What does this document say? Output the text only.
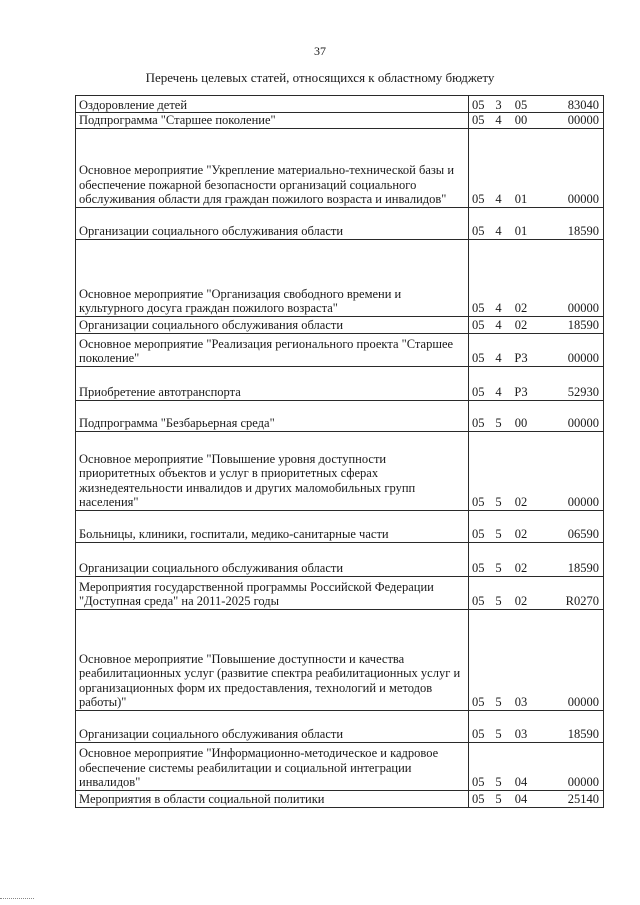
37
Перечень целевых статей, относящихся к областному бюджету
Оздоровление детей	05 3 05 83040
Подпрограмма "Старшее поколение"	05 4 00 00000
Основное мероприятие "Укрепление материально-технической базы и обеспечение пожарной безопасности организаций социального обслуживания области для граждан пожилого возраста и инвалидов"	05 4 01 00000
Организации социального обслуживания области	05 4 01 18590
Основное мероприятие "Организация свободного времени и культурного досуга граждан пожилого возраста"	05 4 02 00000
Организации социального обслуживания области	05 4 02 18590
Основное мероприятие "Реализация регионального проекта "Старшее поколение"	05 4 Р3 00000
Приобретение автотранспорта	05 4 Р3 52930
Подпрограмма "Безбарьерная среда"	05 5 00 00000
Основное мероприятие "Повышение уровня доступности приоритетных объектов и услуг в приоритетных сферах жизнедеятельности инвалидов и других маломобильных групп населения"	05 5 02 00000
Больницы, клиники, госпитали, медико-санитарные части	05 5 02 06590
Организации социального обслуживания области	05 5 02 18590
Мероприятия государственной программы Российской Федерации "Доступная среда" на 2011-2025 годы	05 5 02 R0270
Основное мероприятие "Повышение доступности и качества реабилитационных услуг (развитие спектра реабилитационных услуг и организационных форм их предоставления, технологий и методов работы)"	05 5 03 00000
Организации социального обслуживания области	05 5 03 18590
Основное мероприятие "Информационно-методическое и кадровое обеспечение системы реабилитации и социальной интеграции инвалидов"	05 5 04 00000
Мероприятия в области социальной политики	05 5 04 25140
